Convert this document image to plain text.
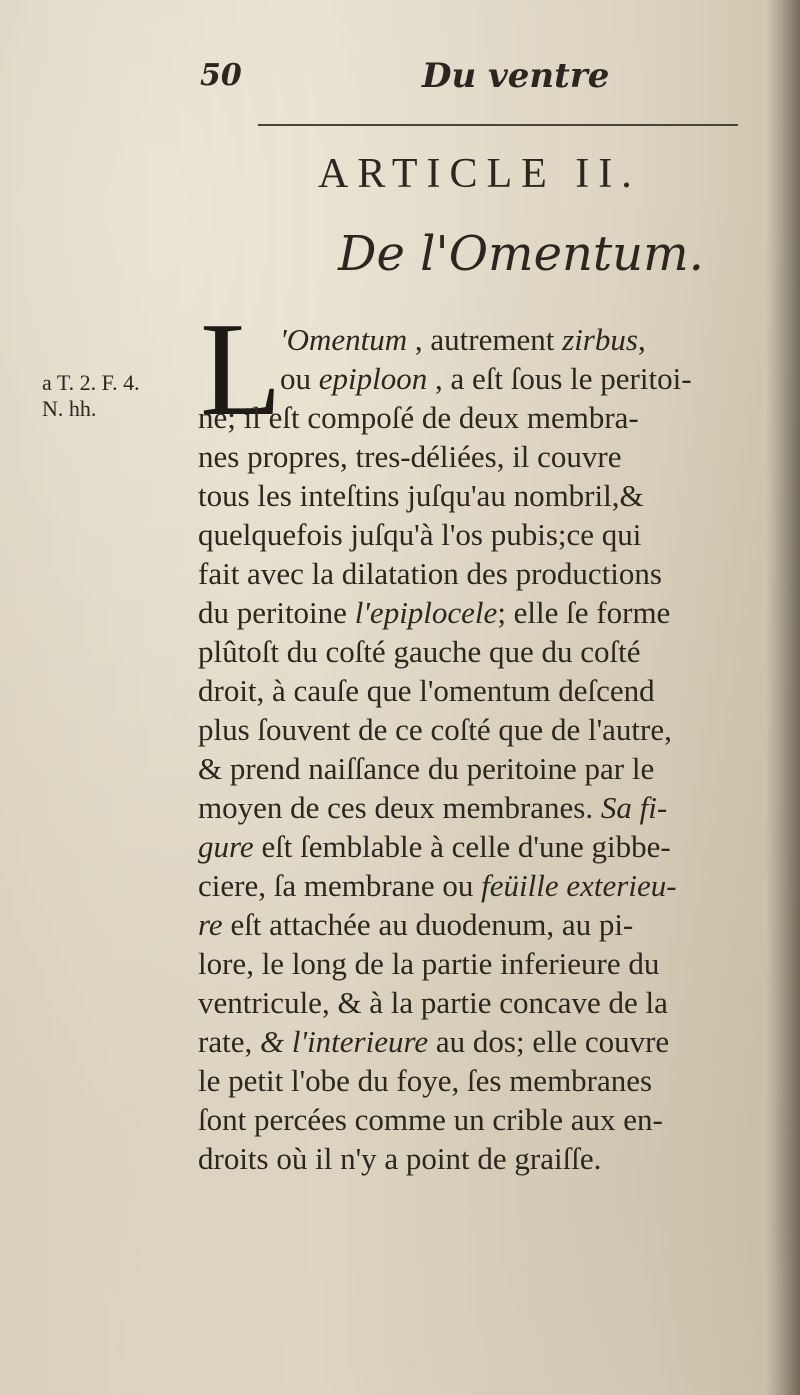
50	Du ventre
ARTICLE II.
De l'Omentum.
a T. 2. F. 4.
N. hh. L
'Omentum , autrement zirbus,
ou epiploon , a eſt ſous le peritoi-
ne; il eſt compoſé de deux membra-
nes propres, tres-déliées, il couvre
tous les inteſtins juſqu'au nombril,&
quelquefois juſqu'à l'os pubis;ce qui
fait avec la dilatation des productions
du peritoine l'epiplocele; elle ſe forme
plûtoſt du coſté gauche que du coſté
droit, à cauſe que l'omentum deſcend
plus ſouvent de ce coſté que de l'autre,
& prend naiſſance du peritoine par le
moyen de ces deux membranes. Sa fi-
gure eſt ſemblable à celle d'une gibbe-
ciere, ſa membrane ou feüille exterieu-
re eſt attachée au duodenum, au pi-
lore, le long de la partie inferieure du
ventricule, & à la partie concave de la
rate, & l'interieure au dos; elle couvre
le petit l'obe du foye, ſes membranes
ſont percées comme un crible aux en-
droits où il n'y a point de graiſſe.
